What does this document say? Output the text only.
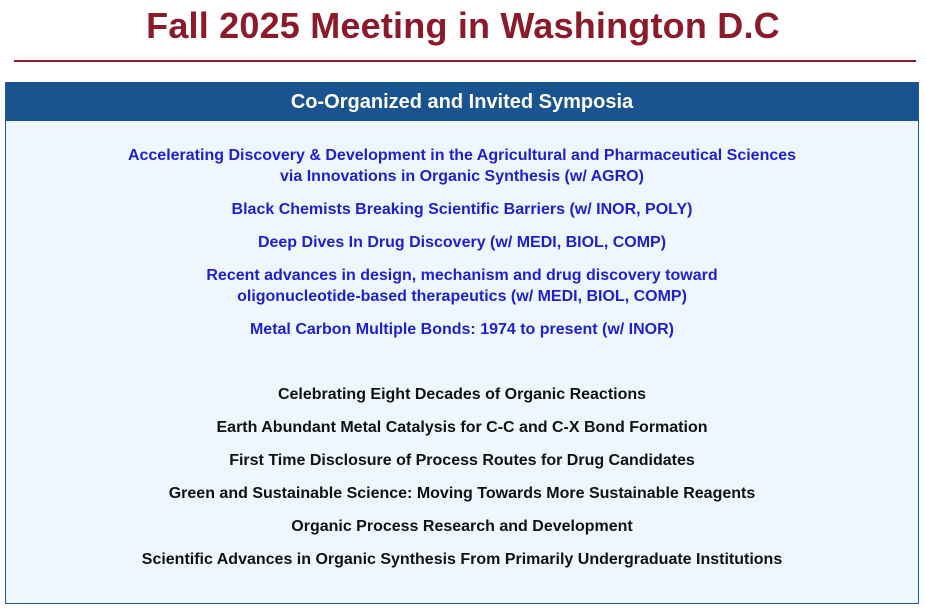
Fall 2025 Meeting in Washington D.C
Co-Organized and Invited Symposia
Accelerating Discovery & Development in the Agricultural and Pharmaceutical Sciences
via Innovations in Organic Synthesis (w/ AGRO)
Black Chemists Breaking Scientific Barriers (w/ INOR, POLY)
Deep Dives In Drug Discovery (w/ MEDI, BIOL, COMP)
Recent advances in design, mechanism and drug discovery toward
oligonucleotide-based therapeutics (w/ MEDI, BIOL, COMP)
Metal Carbon Multiple Bonds: 1974 to present (w/ INOR)
Celebrating Eight Decades of Organic Reactions
Earth Abundant Metal Catalysis for C-C and C-X Bond Formation
First Time Disclosure of Process Routes for Drug Candidates
Green and Sustainable Science: Moving Towards More Sustainable Reagents
Organic Process Research and Development
Scientific Advances in Organic Synthesis From Primarily Undergraduate Institutions
